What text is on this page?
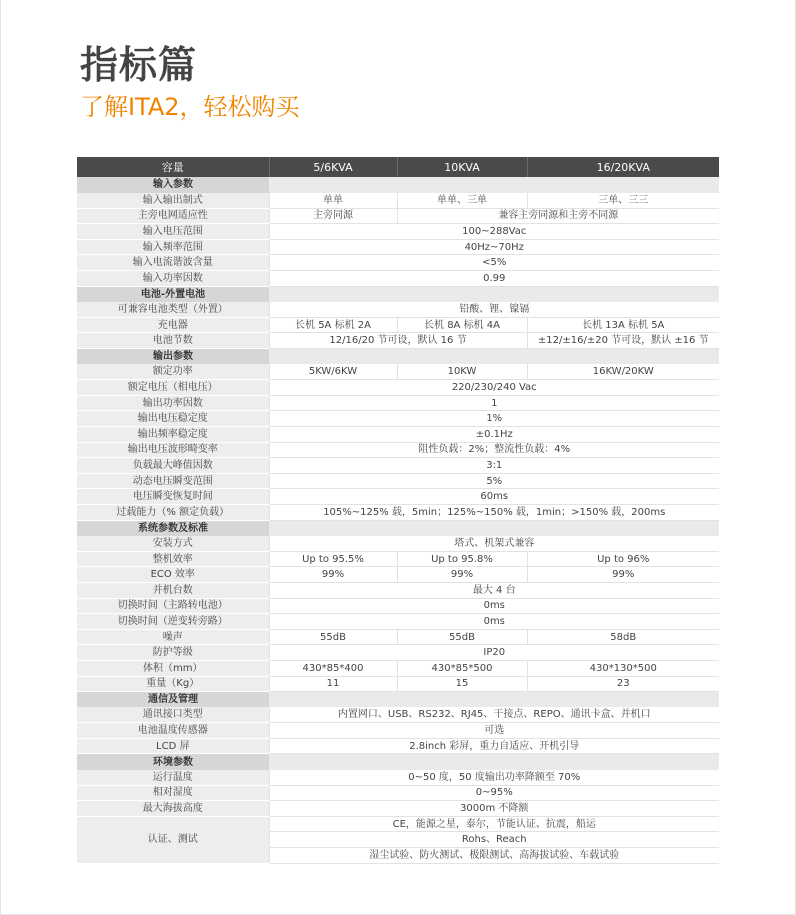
指标篇
了解ITA2，轻松购买
容量	5/6KVA	10KVA	16/20KVA
输入参数			
输入输出制式	单单	单单、三单	三单、三三
主旁电网适应性	主旁同源	兼容主旁同源和主旁不同源	
输入电压范围	100~288Vac		
输入频率范围	40Hz~70Hz		
输入电流谐波含量	<5%		
输入功率因数	0.99		
电池-外置电池			
可兼容电池类型（外置）	铅酸、锂、镍镉		
充电器	长机 5A 标机 2A	长机 8A 标机 4A	长机 13A 标机 5A
电池节数	12/16/20 节可设，默认 16 节		±12/±16/±20 节可设，默认 ±16 节
输出参数			
额定功率	5KW/6KW	10KW	16KW/20KW
额定电压（相电压）	220/230/240 Vac		
输出功率因数	1		
输出电压稳定度	1%		
输出频率稳定度	±0.1Hz		
输出电压波形畸变率	阻性负载：2%；整流性负载：4%		
负载最大峰值因数	3:1		
动态电压瞬变范围	5%		
电压瞬变恢复时间	60ms		
过载能力（% 额定负载）	105%~125% 载，5min；125%~150% 载，1min；>150% 载，200ms		
系统参数及标准			
安装方式	塔式、机架式兼容		
整机效率	Up to 95.5%	Up to 95.8%	Up to 96%
ECO 效率	99%	99%	99%
并机台数	最大 4 台		
切换时间（主路转电池）	0ms		
切换时间（逆变转旁路）	0ms		
噪声	55dB	55dB	58dB
防护等级	IP20		
体积（mm）	430*85*400	430*85*500	430*130*500
重量（Kg）	11	15	23
通信及管理			
通讯接口类型	内置网口、USB、RS232、RJ45、干接点、REPO、通讯卡盒、并机口		
电池温度传感器	可选		
LCD 屏	2.8inch 彩屏，重力自适应、开机引导		
环境参数			
运行温度	0~50 度，50 度输出功率降额至 70%		
相对湿度	0~95%		
最大海拔高度	3000m 不降额		
认证、测试	CE，能源之星，泰尔，节能认证、抗震，船运		
	Rohs、Reach		
	湿尘试验、防火测试、极限测试、高海拔试验、车载试验		
